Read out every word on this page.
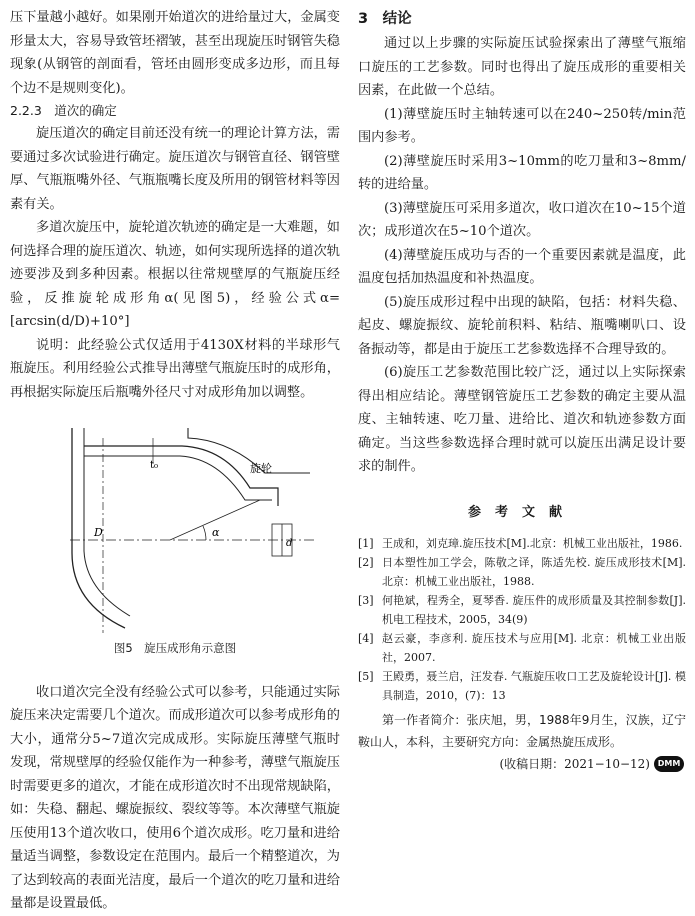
压下量越小越好。如果刚开始道次的进给量过大，金属变形量太大，容易导致管坯褶皱，甚至出现旋压时钢管失稳现象(从钢管的剖面看，管坯由圆形变成多边形，而且每个边不是规则变化)。

2.2.3　道次的确定

旋压道次的确定目前还没有统一的理论计算方法，需要通过多次试验进行确定。旋压道次与钢管直径、钢管壁厚、气瓶瓶嘴外径、气瓶瓶嘴长度及所用的钢管材料等因素有关。

多道次旋压中，旋轮道次轨迹的确定是一大难题，如何选择合理的旋压道次、轨迹，如何实现所选择的道次轨迹要涉及到多种因素。根据以往常规壁厚的气瓶旋压经验，反推旋轮成形角α(见图5)，经验公式α=[arcsin(d/D)+10°]

说明：此经验公式仅适用于4130X材料的半球形气瓶旋压。利用经验公式推导出薄壁气瓶旋压时的成形角，再根据实际旋压后瓶嘴外径尺寸对成形角加以调整。

t₀	旋轮
D	α
d

图5　旋压成形角示意图

收口道次完全没有经验公式可以参考，只能通过实际旋压来决定需要几个道次。而成形道次可以参考成形角的大小，通常分5~7道次完成成形。实际旋压薄壁气瓶时发现，常规壁厚的经验仅能作为一种参考，薄壁气瓶旋压时需要更多的道次，才能在成形道次时不出现常规缺陷，如：失稳、翻起、螺旋振纹、裂纹等等。本次薄壁气瓶旋压使用13个道次收口，使用6个道次成形。吃刀量和进给量适当调整，参数设定在范围内。最后一个精整道次，为了达到较高的表面光洁度，最后一个道次的吃刀量和进给量都是设置最低。

3　结论

通过以上步骤的实际旋压试验探索出了薄壁气瓶缩口旋压的工艺参数。同时也得出了旋压成形的重要相关因素，在此做一个总结。

(1)薄壁旋压时主轴转速可以在240~250转/min范围内参考。

(2)薄壁旋压时采用3~10mm的吃刀量和3~8mm/转的进给量。

(3)薄壁旋压可采用多道次，收口道次在10~15个道次；成形道次在5~10个道次。

(4)薄壁旋压成功与否的一个重要因素就是温度，此温度包括加热温度和补热温度。

(5)旋压成形过程中出现的缺陷，包括：材料失稳、起皮、螺旋振纹、旋轮前积料、粘结、瓶嘴喇叭口、设备振动等，都是由于旋压工艺参数选择不合理导致的。

(6)旋压工艺参数范围比较广泛，通过以上实际探索得出相应结论。薄壁钢管旋压工艺参数的确定主要从温度、主轴转速、吃刀量、进给比、道次和轨迹参数方面确定。当这些参数选择合理时就可以旋压出满足设计要求的制件。

参考文献

[1] 王成和，刘克璋.旋压技术[M].北京：机械工业出版社，1986.
[2] 日本塑性加工学会，陈敬之译，陈适先校. 旋压成形技术[M]. 北京：机械工业出版社，1988.
[3] 何艳斌，程秀全，夏琴香. 旋压件的成形质量及其控制参数[J]. 机电工程技术，2005，34(9)
[4] 赵云豪，李彦利. 旋压技术与应用[M]. 北京：机械工业出版社，2007.
[5] 王殿勇，聂兰启，汪发春. 气瓶旋压收口工艺及旋轮设计[J]. 模具制造，2010，(7)：13

第一作者简介：张庆旭，男，1988年9月生，汉族，辽宁鞍山人，本科，主要研究方向：金属热旋压成形。

(收稿日期：2021−10−12) DMM
